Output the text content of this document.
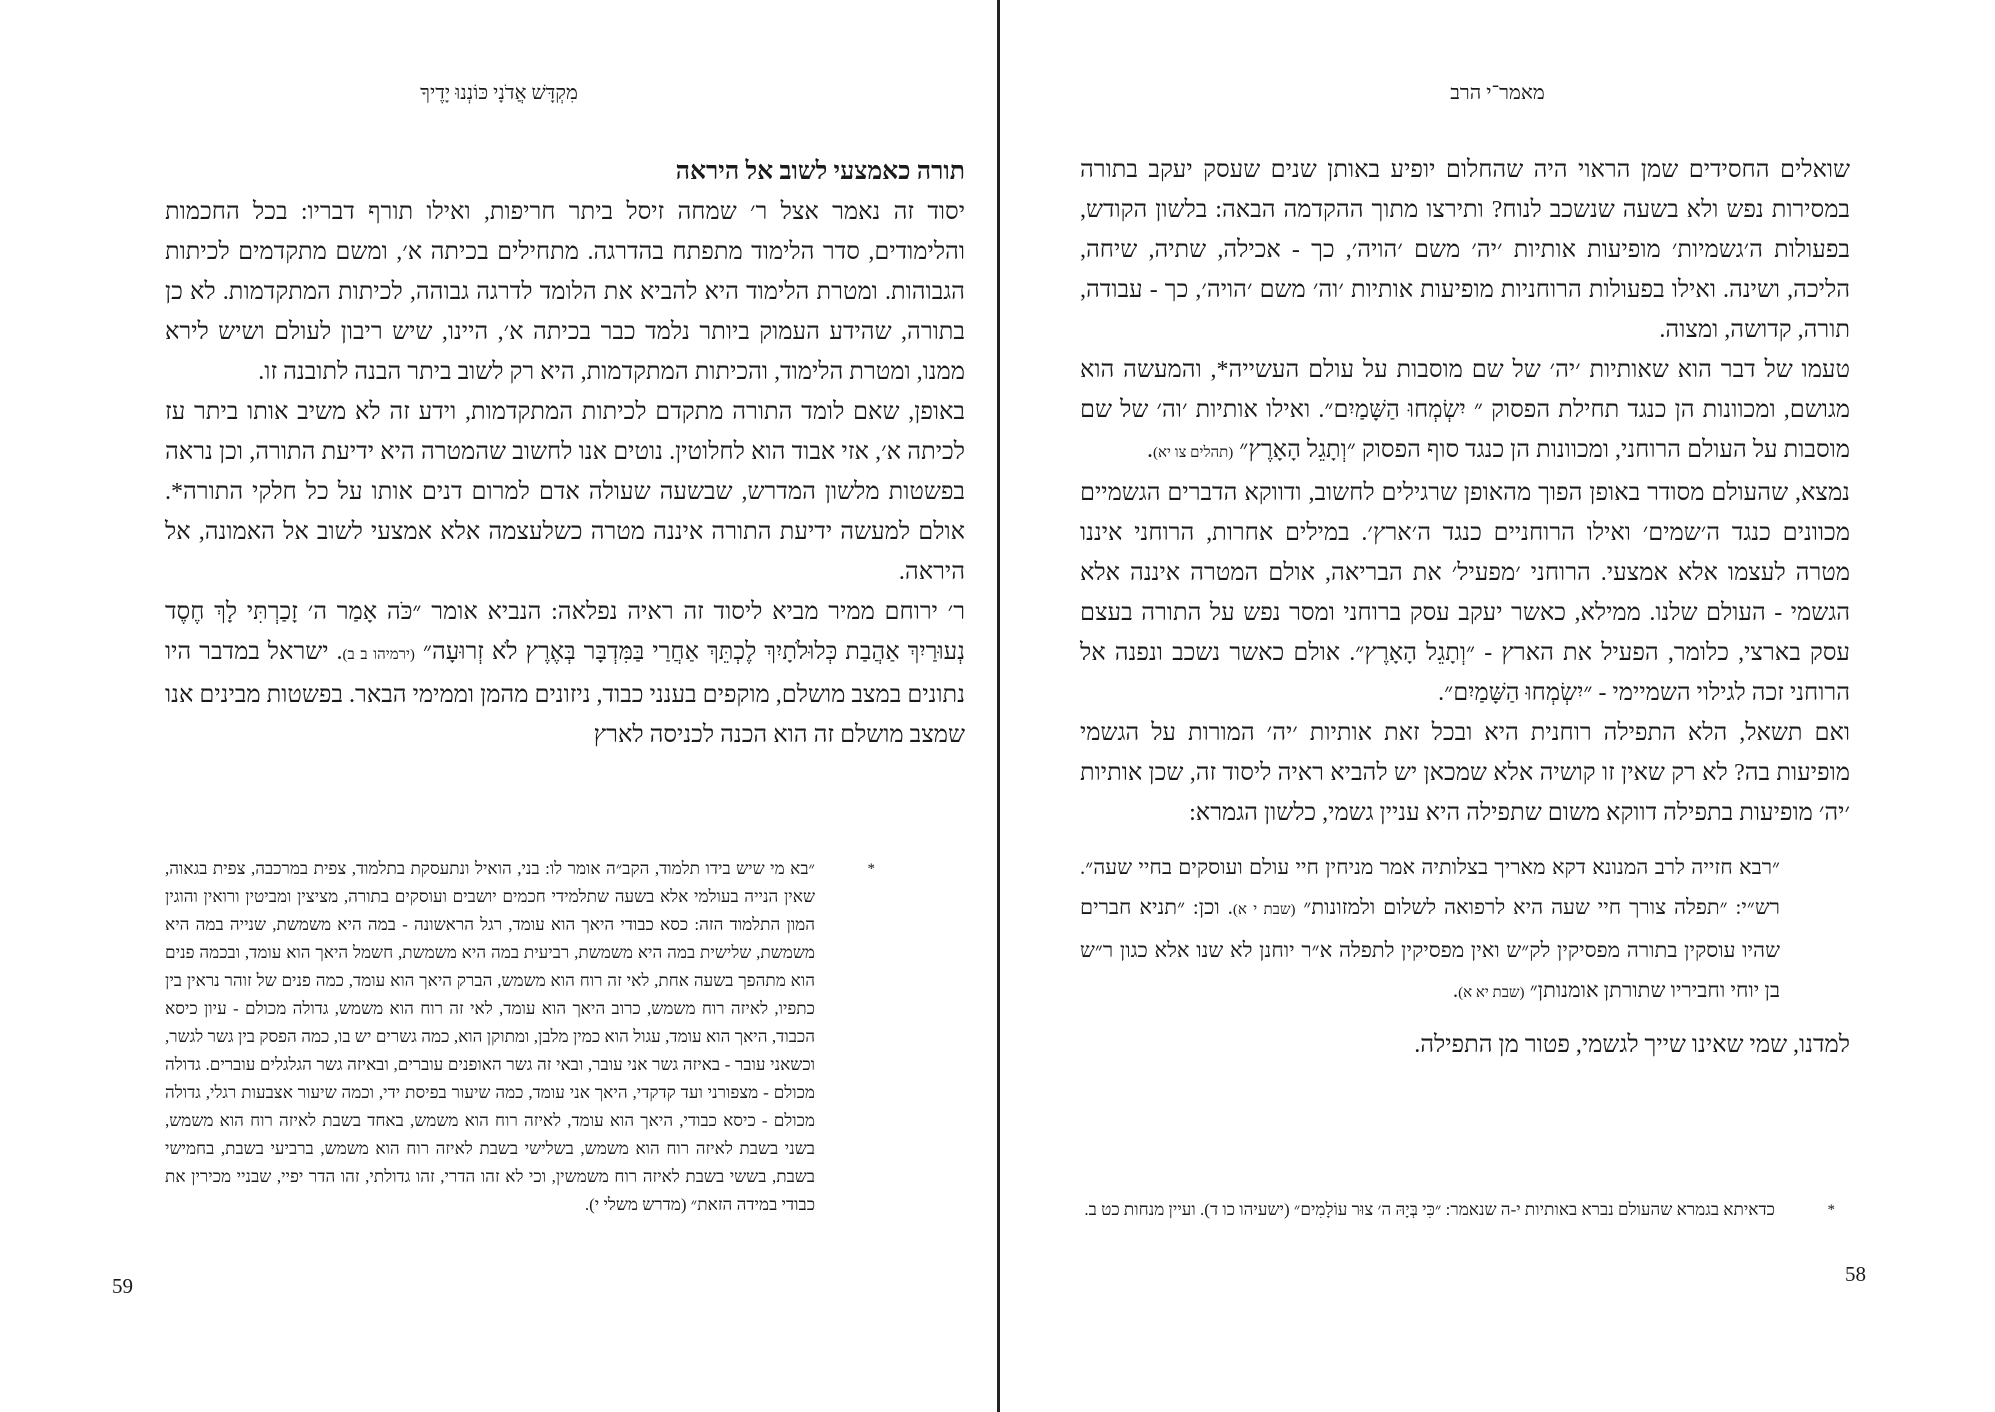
מִקְדָּשׁ אֲדֹנָי כּוֹנְנוּ יָדֶיךָ

תורה כאמצעי לשוב אל היראה

יסוד זה נאמר אצל ר׳ שמחה זיסל ביתר חריפות, ואילו תורף דבריו: בכל החכמות והלימודים, סדר הלימוד מתפתח בהדרגה. מתחילים בכיתה א׳, ומשם מתקדמים לכיתות הגבוהות. ומטרת הלימוד היא להביא את הלומד לדרגה גבוהה, לכיתות המתקדמות. לא כן בתורה, שהידע העמוק ביותר נלמד כבר בכיתה א׳, היינו, שיש ריבון לעולם ושיש לירא ממנו, ומטרת הלימוד, והכיתות המתקדמות, היא רק לשוב ביתר הבנה לתובנה זו.

באופן, שאם לומד התורה מתקדם לכיתות המתקדמות, וידע זה לא משיב אותו ביתר עז לכיתה א׳, אזי אבוד הוא לחלוטין. נוטים אנו לחשוב שהמטרה היא ידיעת התורה, וכן נראה בפשטות מלשון המדרש, שבשעה שעולה אדם למרום דנים אותו על כל חלקי התורה*. אולם למעשה ידיעת התורה איננה מטרה כשלעצמה אלא אמצעי לשוב אל האמונה, אל היראה.

ר׳ ירוחם ממיר מביא ליסוד זה ראיה נפלאה: הנביא אומר ״כֹּה אָמַר ה׳ זָכַרְתִּי לָךְ חֶסֶד נְעוּרַיִךְ אַהֲבַת כְּלוּלֹתָיִךְ לֶכְתֵּךְ אַחֲרַי בַּמִּדְבָּר בְּאֶרֶץ לֹא זְרוּעָה״ (ירמיהו ב ב). ישראל במדבר היו נתונים במצב מושלם, מוקפים בענני כבוד, ניזונים מהמן וממימי הבאר. בפשטות מבינים אנו שמצב מושלם זה הוא הכנה לכניסה לארץ

*
״בא מי שיש בידו תלמוד, הקב״ה אומר לו: בני, הואיל ונתעסקת בתלמוד, צפית במרכבה, צפית בגאוה, שאין הנייה בעולמי אלא בשעה שתלמידי חכמים יושבים ועוסקים בתורה, מציצין ומביטין ורואין והוגין המון התלמוד הזה: כסא כבודי היאך הוא עומד, רגל הראשונה - במה היא משמשת, שנייה במה היא משמשת, שלישית במה היא משמשת, רביעית במה היא משמשת, חשמל היאך הוא עומד, ובכמה פנים הוא מתהפך בשעה אחת, לאי זה רוח הוא משמש, הברק היאך הוא עומד, כמה פנים של זוהר נראין בין כתפיו, לאיזה רוח משמש, כרוב היאך הוא עומד, לאי זה רוח הוא משמש, גדולה מכולם - עיון כיסא הכבוד, היאך הוא עומד, עגול הוא כמין מלבן, ומתוקן הוא, כמה גשרים יש בו, כמה הפסק בין גשר לגשר, וכשאני עובר - באיזה גשר אני עובר, ובאי זה גשר האופנים עוברים, ובאיזה גשר הגלגלים עוברים. גדולה מכולם - מצפורני ועד קדקדי, היאך אני עומד, כמה שיעור בפיסת ידי, וכמה שיעור אצבעות רגלי, גדולה מכולם - כיסא כבודי, היאך הוא עומד, לאיזה רוח הוא משמש, באחד בשבת לאיזה רוח הוא משמש, בשני בשבת לאיזה רוח הוא משמש, בשלישי בשבת לאיזה רוח הוא משמש, ברביעי בשבת, בחמישי בשבת, בששי בשבת לאיזה רוח משמשין, וכי לא זהו הדרי, זהו גדולתי, זהו הדר יפיי, שבניי מכירין את כבודי במידה הזאת״ (מדרש משלי י).
59
מאמר־י הרב

שואלים החסידים שמן הראוי היה שהחלום יופיע באותן שנים שעסק יעקב בתורה במסירות נפש ולא בשעה שנשכב לנוח? ותירצו מתוך ההקדמה הבאה: בלשון הקודש, בפעולות ה׳גשמיות׳ מופיעות אותיות ׳יה׳ משם ׳הויה׳, כך - אכילה, שתיה, שיחה, הליכה, ושינה. ואילו בפעולות הרוחניות מופיעות אותיות ׳וה׳ משם ׳הויה׳, כך - עבודה, תורה, קדושה, ומצוה.

טעמו של דבר הוא שאותיות ׳יה׳ של שם מוסבות על עולם העשייה*, והמעשה הוא מגושם, ומכוונות הן כנגד תחילת הפסוק ״ יִשְׂמְחוּ הַשָּׁמַיִם״. ואילו אותיות ׳וה׳ של שם מוסבות על העולם הרוחני, ומכוונות הן כנגד סוף הפסוק ״וְתָגֵל הָאָרֶץ״ (תהלים צו יא).

נמצא, שהעולם מסודר באופן הפוך מהאופן שרגילים לחשוב, ודווקא הדברים הגשמיים מכוונים כנגד ה׳שמים׳ ואילו הרוחניים כנגד ה׳ארץ׳. במילים אחרות, הרוחני איננו מטרה לעצמו אלא אמצעי. הרוחני ׳מפעיל׳ את הבריאה, אולם המטרה איננה אלא הגשמי - העולם שלנו. ממילא, כאשר יעקב עסק ברוחני ומסר נפש על התורה בעצם עסק בארצי, כלומר, הפעיל את הארץ - ״וְתָגֵל הָאָרֶץ״. אולם כאשר נשכב ונפנה אל הרוחני זכה לגילוי השמיימי - ״יִשְׂמְחוּ הַשָּׁמַיִם״.

ואם תשאל, הלא התפילה רוחנית היא ובכל זאת אותיות ׳יה׳ המורות על הגשמי מופיעות בה? לא רק שאין זו קושיה אלא שמכאן יש להביא ראיה ליסוד זה, שכן אותיות ׳יה׳ מופיעות בתפילה דווקא משום שתפילה היא עניין גשמי, כלשון הגמרא:

״רבא חזייה לרב המנונא דקא מאריך בצלותיה אמר מניחין חיי עולם ועוסקים בחיי שעה״. רש״י: ״תפלה צורך חיי שעה היא לרפואה לשלום ולמזונות״ (שבת י א). וכן: ״תניא חברים שהיו עוסקין בתורה מפסיקין לק״ש ואין מפסיקין לתפלה א״ר יוחנן לא שנו אלא כגון ר״ש בן יוחי וחביריו שתורתן אומנותן״ (שבת יא א).

למדנו, שמי שאינו שייך לגשמי, פטור מן התפילה.

*
כדאיתא בגמרא שהעולם נברא באותיות י-ה שנאמר: ״כִּי בְּיָהּ ה׳ צוּר עוֹלָמִים״ (ישעיהו כו ד). ועיין מנחות כט ב.
58
